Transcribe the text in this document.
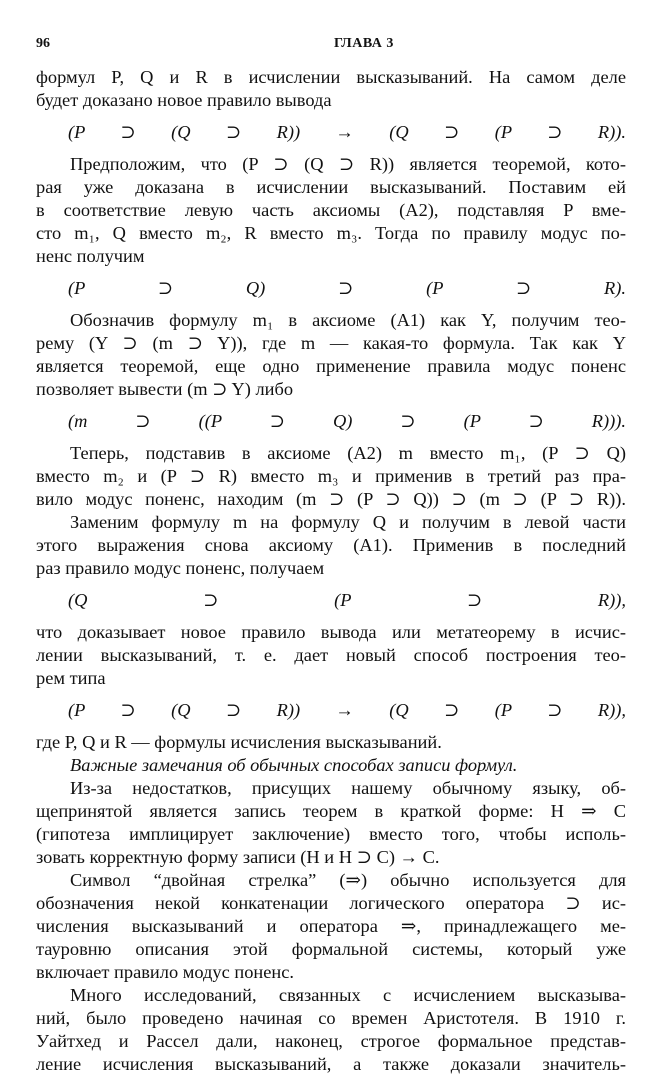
96	ГЛАВА 3

формул P, Q и R в исчислении высказываний. На самом деле

будет доказано новое правило вывода

(P ⊃ (Q ⊃ R)) → (Q ⊃ (P ⊃ R)).

Предположим, что (P ⊃ (Q ⊃ R)) является теоремой, кото-

рая уже доказана в исчислении высказываний. Поставим ей

в соответствие левую часть аксиомы (A2), подставляя P вме-

сто m₁, Q вместо m₂, R вместо m₃. Тогда по правилу модус по-

ненс получим

(P ⊃ Q) ⊃ (P ⊃ R).

Обозначив формулу m₁ в аксиоме (A1) как Y, получим тео-

рему (Y ⊃ (m ⊃ Y)), где m — какая-то формула. Так как Y

является теоремой, еще одно применение правила модус поненс

позволяет вывести (m ⊃ Y) либо

(m ⊃ ((P ⊃ Q) ⊃ (P ⊃ R))).

Теперь, подставив в аксиоме (A2) m вместо m₁, (P ⊃ Q)

вместо m₂ и (P ⊃ R) вместо m₃ и применив в третий раз пра-

вило модус поненс, находим (m ⊃ (P ⊃ Q)) ⊃ (m ⊃ (P ⊃ R)).

Заменим формулу m на формулу Q и получим в левой части

этого выражения снова аксиому (A1). Применив в последний

раз правило модус поненс, получаем

(Q ⊃ (P ⊃ R)),

что доказывает новое правило вывода или метатеорему в исчис-

лении высказываний, т. е. дает новый способ построения тео-

рем типа

(P ⊃ (Q ⊃ R)) → (Q ⊃ (P ⊃ R)),

где P, Q и R — формулы исчисления высказываний.

Важные замечания об обычных способах записи формул.

Из-за недостатков, присущих нашему обычному языку, об-

щепринятой является запись теорем в краткой форме: H ⇒ C

(гипотеза имплицирует заключение) вместо того, чтобы исполь-

зовать корректную форму записи (H и H ⊃ C) → C.

Символ “двойная стрелка” (⇒) обычно используется для

обозначения некой конкатенации логического оператора ⊃ ис-

числения высказываний и оператора ⇒, принадлежащего ме-

тауровню описания этой формальной системы, который уже

включает правило модус поненс.

Много исследований, связанных с исчислением высказыва-

ний, было проведено начиная со времен Аристотеля. В 1910 г.

Уайтхед и Рассел дали, наконец, строгое формальное представ-

ление исчисления высказываний, а также доказали значитель-
